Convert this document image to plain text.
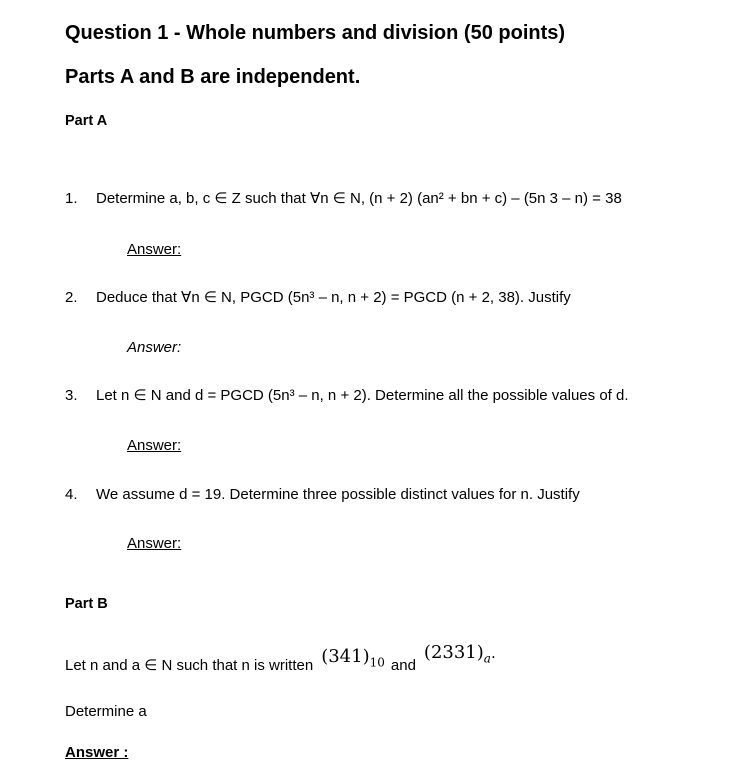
Question 1 - Whole numbers and division (50 points)
Parts A and B are independent.
Part A
1.	Determine a, b, c ∈ Z such that ∀n ∈ N, (n + 2) (an² + bn + c) – (5n 3 – n) = 38
Answer:
2.	Deduce that ∀n ∈ N, PGCD (5n³ – n, n + 2) = PGCD (n + 2, 38). Justify
Answer:
3.	Let n ∈ N and d = PGCD (5n³ – n, n + 2). Determine all the possible values of d.
Answer:
4.	We assume d = 19. Determine three possible distinct values for n. Justify
Answer:
Part B
Let n and a ∈ N such that n is written $(341)_{10}$ $and(2331)_a$.
Determine a
Answer :
